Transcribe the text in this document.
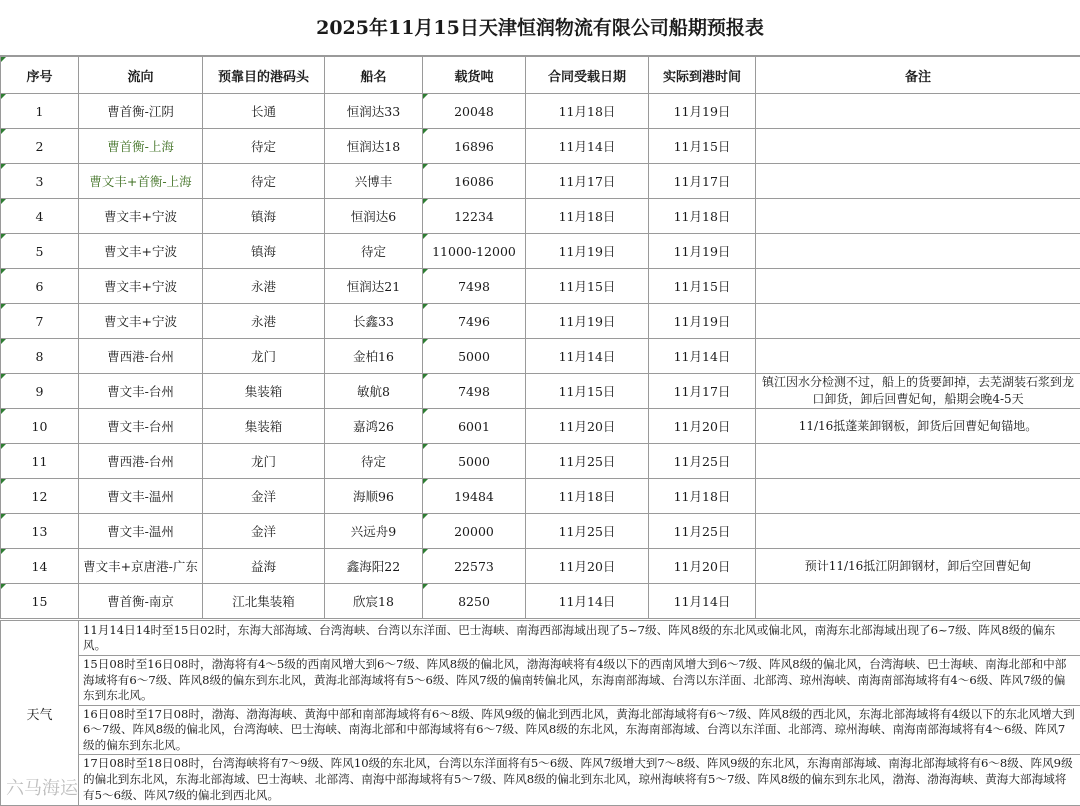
2025年11月15日天津恒润物流有限公司船期预报表
序号	流向	预靠目的港码头	船名	载货吨	合同受载日期	实际到港时间	备注
1	曹首衡-江阴	长通	恒润达33	20048	11月18日	11月19日	
2	曹首衡-上海	待定	恒润达18	16896	11月14日	11月15日	
3	曹文丰+首衡-上海	待定	兴博丰	16086	11月17日	11月17日	
4	曹文丰+宁波	镇海	恒润达6	12234	11月18日	11月18日	
5	曹文丰+宁波	镇海	待定	11000-12000	11月19日	11月19日	
6	曹文丰+宁波	永港	恒润达21	7498	11月15日	11月15日	
7	曹文丰+宁波	永港	长鑫33	7496	11月19日	11月19日	
8	曹西港-台州	龙门	金柏16	5000	11月14日	11月14日	
9	曹文丰-台州	集装箱	敏航8	7498	11月15日	11月17日	镇江因水分检测不过，船上的货要卸掉，去芜湖装石浆到龙口卸货，卸后回曹妃甸，船期会晚4-5天
10	曹文丰-台州	集装箱	嘉鸿26	6001	11月20日	11月20日	11/16抵蓬莱卸钢板，卸货后回曹妃甸锚地。
11	曹西港-台州	龙门	待定	5000	11月25日	11月25日	
12	曹文丰-温州	金洋	海顺96	19484	11月18日	11月18日	
13	曹文丰-温州	金洋	兴远舟9	20000	11月25日	11月25日	
14	曹文丰+京唐港-广东	益海	鑫海阳22	22573	11月20日	11月20日	预计11/16抵江阴卸钢材，卸后空回曹妃甸
15	曹首衡-南京	江北集装箱	欣宸18	8250	11月14日	11月14日	
天气	
11月14日14时至15日02时，东海大部海域、台湾海峡、台湾以东洋面、巴士海峡、南海西部海域出现了5~7级、阵风8级的东北风或偏北风，南海东北部海域出现了6~7级、阵风8级的偏东风。
15日08时至16日08时，渤海将有4～5级的西南风增大到6～7级、阵风8级的偏北风，渤海海峡将有4级以下的西南风增大到6～7级、阵风8级的偏北风，台湾海峡、巴士海峡、南海北部和中部海域将有6～7级、阵风8级的偏东到东北风，黄海北部海域将有5～6级、阵风7级的偏南转偏北风，东海南部海域、台湾以东洋面、北部湾、琼州海峡、南海南部海域将有4～6级、阵风7级的偏东到东北风。
16日08时至17日08时，渤海、渤海海峡、黄海中部和南部海域将有6～8级、阵风9级的偏北到西北风，黄海北部海域将有6～7级、阵风8级的西北风，东海北部海域将有4级以下的东北风增大到6～7级、阵风8级的偏北风，台湾海峡、巴士海峡、南海北部和中部海域将有6～7级、阵风8级的东北风，东海南部海域、台湾以东洋面、北部湾、琼州海峡、南海南部海域将有4～6级、阵风7级的偏东到东北风。
17日08时至18日08时，台湾海峡将有7～9级、阵风10级的东北风，台湾以东洋面将有5～6级、阵风7级增大到7～8级、阵风9级的东北风，东海南部海域、南海北部海域将有6～8级、阵风9级的偏北到东北风，东海北部海域、巴士海峡、北部湾、南海中部海域将有5～7级、阵风8级的偏北到东北风，琼州海峡将有5～7级、阵风8级的偏东到东北风，渤海、渤海海峡、黄海大部海域将有5～6级、阵风7级的偏北到西北风。
六马海运
